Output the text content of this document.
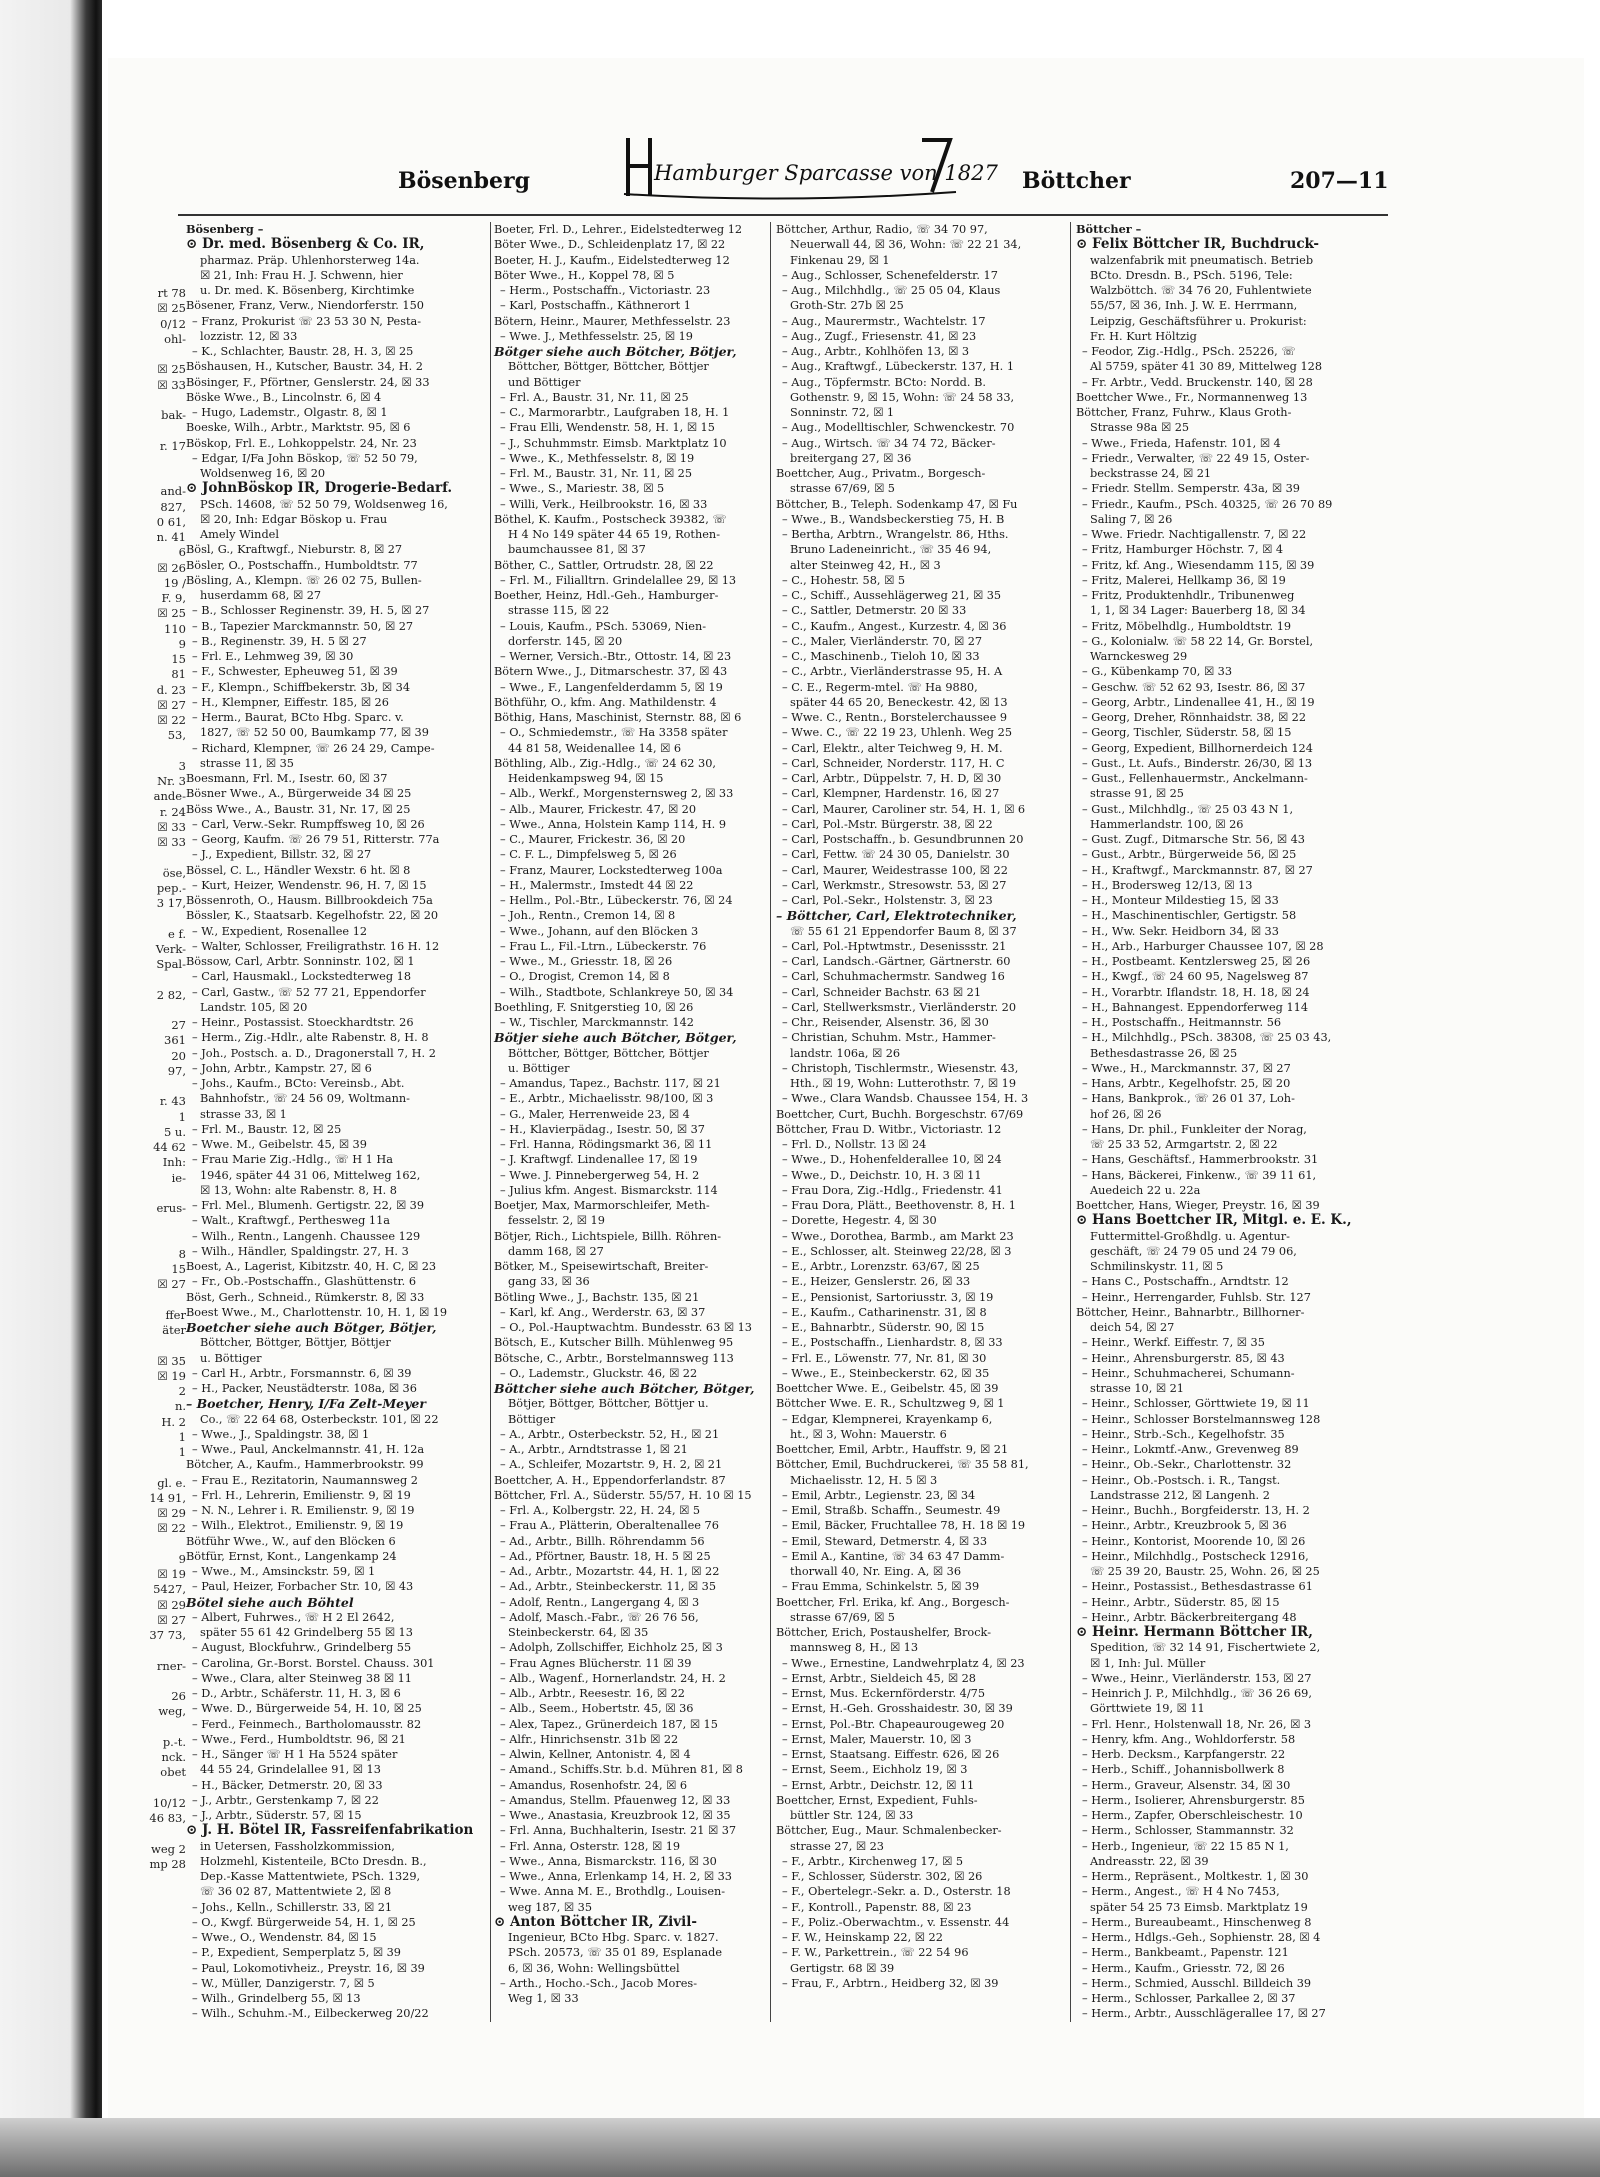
rt 78
☒ 25
0/12
ohl-

☒ 25
☒ 33

bak-

r. 17

and-
827,
0 61,
n. 41
6
☒ 26
19 /
F. 9,
☒ 25
110
9
15
81
d. 23
☒ 27
☒ 22
53,

3
Nr. 3
ande-
r. 24
☒ 33
☒ 33

öse,
pep.-
3 17,

e f.
Verk-
Spal-

2 82,

27
361
20
97,

r. 43
1
5 u.
44 62
Inh:
ie-

erus-

8
15
☒ 27

ffer
äter

☒ 35
☒ 19
2
n.
H. 2
1
1

gl. e.
14 91,
☒ 29
☒ 22

9
☒ 19
5427,
☒ 29
☒ 27
37 73,

rner-

26
weg,

p.-t.
nck.
obet

10/12
46 83,

weg 2
mp 28
Bösenberg	Hamburger Sparcasse von 1827 Böttcher	207—11
Bösenberg –
⊙ Dr. med. Bösenberg & Co. IR,
pharmaz. Präp. Uhlenhorsterweg 14a.
☒ 21, Inh: Frau H. J. Schwenn, hier
u. Dr. med. K. Bösenberg, Kirchtimke
Bösener, Franz, Verw., Niendorferstr. 150
– Franz, Prokurist ☏ 23 53 30 N, Pesta-
lozzistr. 12, ☒ 33
– K., Schlachter, Baustr. 28, H. 3, ☒ 25
Böshausen, H., Kutscher, Baustr. 34, H. 2
Bösinger, F., Pförtner, Genslerstr. 24, ☒ 33
Böske Wwe., B., Lincolnstr. 6, ☒ 4
– Hugo, Lademstr., Olgastr. 8, ☒ 1
Boeske, Wilh., Arbtr., Marktstr. 95, ☒ 6
Böskop, Frl. E., Lohkoppelstr. 24, Nr. 23
– Edgar, I/Fa John Böskop, ☏ 52 50 79,
Woldsenweg 16, ☒ 20
⊙ JohnBöskop IR, Drogerie-Bedarf.
PSch. 14608, ☏ 52 50 79, Woldsenweg 16,
☒ 20, Inh: Edgar Böskop u. Frau
Amely Windel
Bösl, G., Kraftwgf., Nieburstr. 8, ☒ 27
Bösler, O., Postschaffn., Humboldtstr. 77
Bösling, A., Klempn. ☏ 26 02 75, Bullen-
huserdamm 68, ☒ 27
– B., Schlosser Reginenstr. 39, H. 5, ☒ 27
– B., Tapezier Marckmannstr. 50, ☒ 27
– B., Reginenstr. 39, H. 5 ☒ 27
– Frl. E., Lehmweg 39, ☒ 30
– F., Schwester, Epheuweg 51, ☒ 39
– F., Klempn., Schiffbekerstr. 3b, ☒ 34
– H., Klempner, Eiffestr. 185, ☒ 26
– Herm., Baurat, BCto Hbg. Sparc. v.
1827, ☏ 52 50 00, Baumkamp 77, ☒ 39
– Richard, Klempner, ☏ 26 24 29, Campe-
strasse 11, ☒ 35
Boesmann, Frl. M., Isestr. 60, ☒ 37
Bösner Wwe., A., Bürgerweide 34 ☒ 25
Böss Wwe., A., Baustr. 31, Nr. 17, ☒ 25
– Carl, Verw.-Sekr. Rumpffsweg 10, ☒ 26
– Georg, Kaufm. ☏ 26 79 51, Ritterstr. 77a
– J., Expedient, Billstr. 32, ☒ 27
Bössel, C. L., Händler Wexstr. 6 ht. ☒ 8
– Kurt, Heizer, Wendenstr. 96, H. 7, ☒ 15
Bössenroth, O., Hausm. Billbrookdeich 75a
Bössler, K., Staatsarb. Kegelhofstr. 22, ☒ 20
– W., Expedient, Rosenallee 12
– Walter, Schlosser, Freiligrathstr. 16 H. 12
Bössow, Carl, Arbtr. Sonninstr. 102, ☒ 1
– Carl, Hausmakl., Lockstedterweg 18
– Carl, Gastw., ☏ 52 77 21, Eppendorfer
Landstr. 105, ☒ 20
– Heinr., Postassist. Stoeckhardtstr. 26
– Herm., Zig.-Hdlr., alte Rabenstr. 8, H. 8
– Joh., Postsch. a. D., Dragonerstall 7, H. 2
– John, Arbtr., Kampstr. 27, ☒ 6
– Johs., Kaufm., BCto: Vereinsb., Abt.
Bahnhofstr., ☏ 24 56 09, Woltmann-
strasse 33, ☒ 1
– Frl. M., Baustr. 12, ☒ 25
– Wwe. M., Geibelstr. 45, ☒ 39
– Frau Marie Zig.-Hdlg., ☏ H 1 Ha
1946, später 44 31 06, Mittelweg 162,
☒ 13, Wohn: alte Rabenstr. 8, H. 8
– Frl. Mel., Blumenh. Gertigstr. 22, ☒ 39
– Walt., Kraftwgf., Perthesweg 11a
– Wilh., Rentn., Langenh. Chaussee 129
– Wilh., Händler, Spaldingstr. 27, H. 3
Boest, A., Lagerist, Kibitzstr. 40, H. C, ☒ 23
– Fr., Ob.-Postschaffn., Glashüttenstr. 6
Böst, Gerh., Schneid., Rümkerstr. 8, ☒ 33
Boest Wwe., M., Charlottenstr. 10, H. 1, ☒ 19
Boetcher siehe auch Bötger, Bötjer,
Böttcher, Böttger, Böttjer, Böttjer
u. Böttiger
– Carl H., Arbtr., Forsmannstr. 6, ☒ 39
– H., Packer, Neustädterstr. 108a, ☒ 36
– Boetcher, Henry, I/Fa Zelt-Meyer
Co., ☏ 22 64 68, Osterbeckstr. 101, ☒ 22
– Wwe., J., Spaldingstr. 38, ☒ 1
– Wwe., Paul, Anckelmannstr. 41, H. 12a
Bötcher, A., Kaufm., Hammerbrookstr. 99
– Frau E., Rezitatorin, Naumannsweg 2
– Frl. H., Lehrerin, Emilienstr. 9, ☒ 19
– N. N., Lehrer i. R. Emilienstr. 9, ☒ 19
– Wilh., Elektrot., Emilienstr. 9, ☒ 19
Bötführ Wwe., W., auf den Blöcken 6
Bötfür, Ernst, Kont., Langenkamp 24
– Wwe., M., Amsinckstr. 59, ☒ 1
– Paul, Heizer, Forbacher Str. 10, ☒ 43
Bötel siehe auch Böhtel
– Albert, Fuhrwes., ☏ H 2 El 2642,
später 55 61 42 Grindelberg 55 ☒ 13
– August, Blockfuhrw., Grindelberg 55
– Carolina, Gr.-Borst. Borstel. Chauss. 301
– Wwe., Clara, alter Steinweg 38 ☒ 11
– D., Arbtr., Schäferstr. 11, H. 3, ☒ 6
– Wwe. D., Bürgerweide 54, H. 10, ☒ 25
– Ferd., Feinmech., Bartholomausstr. 82
– Wwe., Ferd., Humboldtstr. 96, ☒ 21
– H., Sänger ☏ H 1 Ha 5524 später
44 55 24, Grindelallee 91, ☒ 13
– H., Bäcker, Detmerstr. 20, ☒ 33
– J., Arbtr., Gerstenkamp 7, ☒ 22
– J., Arbtr., Süderstr. 57, ☒ 15
⊙ J. H. Bötel IR, Fassreifenfabrikation
in Uetersen, Fassholzkommission,
Holzmehl, Kistenteile, BCto Dresdn. B.,
Dep.-Kasse Mattentwiete, PSch. 1329,
☏ 36 02 87, Mattentwiete 2, ☒ 8
– Johs., Kelln., Schillerstr. 33, ☒ 21
– O., Kwgf. Bürgerweide 54, H. 1, ☒ 25
– Wwe., O., Wendenstr. 84, ☒ 15
– P., Expedient, Semperplatz 5, ☒ 39
– Paul, Lokomotivheiz., Preystr. 16, ☒ 39
– W., Müller, Danzigerstr. 7, ☒ 5
– Wilh., Grindelberg 55, ☒ 13
– Wilh., Schuhm.-M., Eilbeckerweg 20/22
Boeter, Frl. D., Lehrer., Eidelstedterweg 12
Böter Wwe., D., Schleidenplatz 17, ☒ 22
Boeter, H. J., Kaufm., Eidelstedterweg 12
Böter Wwe., H., Koppel 78, ☒ 5
– Herm., Postschaffn., Victoriastr. 23
– Karl, Postschaffn., Käthnerort 1
Bötern, Heinr., Maurer, Methfesselstr. 23
– Wwe. J., Methfesselstr. 25, ☒ 19
Bötger siehe auch Bötcher, Bötjer,
Böttcher, Böttger, Böttcher, Böttjer
und Böttiger
– Frl. A., Baustr. 31, Nr. 11, ☒ 25
– C., Marmorarbtr., Laufgraben 18, H. 1
– Frau Elli, Wendenstr. 58, H. 1, ☒ 15
– J., Schuhmmstr. Eimsb. Marktplatz 10
– Wwe., K., Methfesselstr. 8, ☒ 19
– Frl. M., Baustr. 31, Nr. 11, ☒ 25
– Wwe., S., Mariestr. 38, ☒ 5
– Willi, Verk., Heilbrookstr. 16, ☒ 33
Böthel, K. Kaufm., Postscheck 39382, ☏
H 4 No 149 später 44 65 19, Rothen-
baumchaussee 81, ☒ 37
Böther, C., Sattler, Ortrudstr. 28, ☒ 22
– Frl. M., Filialltrn. Grindelallee 29, ☒ 13
Boether, Heinz, Hdl.-Geh., Hamburger-
strasse 115, ☒ 22
– Louis, Kaufm., PSch. 53069, Nien-
dorferstr. 145, ☒ 20
– Werner, Versich.-Btr., Ottostr. 14, ☒ 23
Bötern Wwe., J., Ditmarschestr. 37, ☒ 43
– Wwe., F., Langenfelderdamm 5, ☒ 19
Böthführ, O., kfm. Ang. Mathildenstr. 4
Böthig, Hans, Maschinist, Sternstr. 88, ☒ 6
– O., Schmiedemstr., ☏ Ha 3358 später
44 81 58, Weidenallee 14, ☒ 6
Böthling, Alb., Zig.-Hdlg., ☏ 24 62 30,
Heidenkampsweg 94, ☒ 15
– Alb., Werkf., Morgensternsweg 2, ☒ 33
– Alb., Maurer, Frickestr. 47, ☒ 20
– Wwe., Anna, Holstein Kamp 114, H. 9
– C., Maurer, Frickestr. 36, ☒ 20
– C. F. L., Dimpfelsweg 5, ☒ 26
– Franz, Maurer, Lockstedterweg 100a
– H., Malermstr., Imstedt 44 ☒ 22
– Hellm., Pol.-Btr., Lübeckerstr. 76, ☒ 24
– Joh., Rentn., Cremon 14, ☒ 8
– Wwe., Johann, auf den Blöcken 3
– Frau L., Fil.-Ltrn., Lübeckerstr. 76
– Wwe., M., Griesstr. 18, ☒ 26
– O., Drogist, Cremon 14, ☒ 8
– Wilh., Stadtbote, Schlankreye 50, ☒ 34
Boethling, F. Snitgerstieg 10, ☒ 26
– W., Tischler, Marckmannstr. 142
Bötjer siehe auch Bötcher, Bötger,
Böttcher, Böttger, Böttcher, Böttjer
u. Böttiger
– Amandus, Tapez., Bachstr. 117, ☒ 21
– E., Arbtr., Michaelisstr. 98/100, ☒ 3
– G., Maler, Herrenweide 23, ☒ 4
– H., Klavierpädag., Isestr. 50, ☒ 37
– Frl. Hanna, Rödingsmarkt 36, ☒ 11
– J. Kraftwgf. Lindenallee 17, ☒ 19
– Wwe. J. Pinnebergerweg 54, H. 2
– Julius kfm. Angest. Bismarckstr. 114
Boetjer, Max, Marmorschleifer, Meth-
fesselstr. 2, ☒ 19
Bötjer, Rich., Lichtspiele, Billh. Röhren-
damm 168, ☒ 27
Bötker, M., Speisewirtschaft, Breiter-
gang 33, ☒ 36
Bötling Wwe., J., Bachstr. 135, ☒ 21
– Karl, kf. Ang., Werderstr. 63, ☒ 37
– O., Pol.-Hauptwachtm. Bundesstr. 63 ☒ 13
Bötsch, E., Kutscher Billh. Mühlenweg 95
Bötsche, C., Arbtr., Borstelmannsweg 113
– O., Lademstr., Gluckstr. 46, ☒ 22
Böttcher siehe auch Bötcher, Bötger,
Bötjer, Böttger, Böttcher, Böttjer u.
Böttiger
– A., Arbtr., Osterbeckstr. 52, H., ☒ 21
– A., Arbtr., Arndtstrasse 1, ☒ 21
– A., Schleifer, Mozartstr. 9, H. 2, ☒ 21
Boettcher, A. H., Eppendorferlandstr. 87
Böttcher, Frl. A., Süderstr. 55/57, H. 10 ☒ 15
– Frl. A., Kolbergstr. 22, H. 24, ☒ 5
– Frau A., Plätterin, Oberaltenallee 76
– Ad., Arbtr., Billh. Röhrendamm 56
– Ad., Pförtner, Baustr. 18, H. 5 ☒ 25
– Ad., Arbtr., Mozartstr. 44, H. 1, ☒ 22
– Ad., Arbtr., Steinbeckerstr. 11, ☒ 35
– Adolf, Rentn., Langergang 4, ☒ 3
– Adolf, Masch.-Fabr., ☏ 26 76 56,
Steinbeckerstr. 64, ☒ 35
– Adolph, Zollschiffer, Eichholz 25, ☒ 3
– Frau Agnes Blücherstr. 11 ☒ 39
– Alb., Wagenf., Hornerlandstr. 24, H. 2
– Alb., Arbtr., Reesestr. 16, ☒ 22
– Alb., Seem., Hobertstr. 45, ☒ 36
– Alex, Tapez., Grünerdeich 187, ☒ 15
– Alfr., Hinrichsenstr. 31b ☒ 22
– Alwin, Kellner, Antonistr. 4, ☒ 4
– Amand., Schiffs.Str. b.d. Mühren 81, ☒ 8
– Amandus, Rosenhofstr. 24, ☒ 6
– Amandus, Stellm. Pfauenweg 12, ☒ 33
– Wwe., Anastasia, Kreuzbrook 12, ☒ 35
– Frl. Anna, Buchhalterin, Isestr. 21 ☒ 37
– Frl. Anna, Osterstr. 128, ☒ 19
– Wwe., Anna, Bismarckstr. 116, ☒ 30
– Wwe., Anna, Erlenkamp 14, H. 2, ☒ 33
– Wwe. Anna M. E., Brothdlg., Louisen-
weg 187, ☒ 35
⊙ Anton Böttcher IR, Zivil-
Ingenieur, BCto Hbg. Sparc. v. 1827.
PSch. 20573, ☏ 35 01 89, Esplanade
6, ☒ 36, Wohn: Wellingsbüttel
– Arth., Hocho.-Sch., Jacob Mores-
Weg 1, ☒ 33
Böttcher, Arthur, Radio, ☏ 34 70 97,
Neuerwall 44, ☒ 36, Wohn: ☏ 22 21 34,
Finkenau 29, ☒ 1
– Aug., Schlosser, Schenefelderstr. 17
– Aug., Milchhdlg., ☏ 25 05 04, Klaus
Groth-Str. 27b ☒ 25
– Aug., Maurermstr., Wachtelstr. 17
– Aug., Zugf., Friesenstr. 41, ☒ 23
– Aug., Arbtr., Kohlhöfen 13, ☒ 3
– Aug., Kraftwgf., Lübeckerstr. 137, H. 1
– Aug., Töpfermstr. BCto: Nordd. B.
Gothenstr. 9, ☒ 15, Wohn: ☏ 24 58 33,
Sonninstr. 72, ☒ 1
– Aug., Modelltischler, Schwenckestr. 70
– Aug., Wirtsch. ☏ 34 74 72, Bäcker-
breitergang 27, ☒ 36
Boettcher, Aug., Privatm., Borgesch-
strasse 67/69, ☒ 5
Böttcher, B., Teleph. Sodenkamp 47, ☒ Fu
– Wwe., B., Wandsbeckerstieg 75, H. B
– Bertha, Arbtrn., Wrangelstr. 86, Hths.
Bruno Ladeneinricht., ☏ 35 46 94,
alter Steinweg 42, H., ☒ 3
– C., Hohestr. 58, ☒ 5
– C., Schiff., Aussehlägerweg 21, ☒ 35
– C., Sattler, Detmerstr. 20 ☒ 33
– C., Kaufm., Angest., Kurzestr. 4, ☒ 36
– C., Maler, Vierländerstr. 70, ☒ 27
– C., Maschinenb., Tieloh 10, ☒ 33
– C., Arbtr., Vierländerstrasse 95, H. A
– C. E., Regerm-mtel. ☏ Ha 9880,
später 44 65 20, Beneckestr. 42, ☒ 13
– Wwe. C., Rentn., Borstelerchaussee 9
– Wwe. C., ☏ 22 19 23, Uhlenh. Weg 25
– Carl, Elektr., alter Teichweg 9, H. M.
– Carl, Schneider, Norderstr. 117, H. C
– Carl, Arbtr., Düppelstr. 7, H. D, ☒ 30
– Carl, Klempner, Hardenstr. 16, ☒ 27
– Carl, Maurer, Caroliner str. 54, H. 1, ☒ 6
– Carl, Pol.-Mstr. Bürgerstr. 38, ☒ 22
– Carl, Postschaffn., b. Gesundbrunnen 20
– Carl, Fettw. ☏ 24 30 05, Danielstr. 30
– Carl, Maurer, Weidestrasse 100, ☒ 22
– Carl, Werkmstr., Stresowstr. 53, ☒ 27
– Carl, Pol.-Sekr., Holstenstr. 3, ☒ 23
– Böttcher, Carl, Elektrotechniker,
☏ 55 61 21 Eppendorfer Baum 8, ☒ 37
– Carl, Pol.-Hptwtmstr., Desenissstr. 21
– Carl, Landsch.-Gärtner, Gärtnerstr. 60
– Carl, Schuhmachermstr. Sandweg 16
– Carl, Schneider Bachstr. 63 ☒ 21
– Carl, Stellwerksmstr., Vierländerstr. 20
– Chr., Reisender, Alsenstr. 36, ☒ 30
– Christian, Schuhm. Mstr., Hammer-
landstr. 106a, ☒ 26
– Christoph, Tischlermstr., Wiesenstr. 43,
Hth., ☒ 19, Wohn: Lutterothstr. 7, ☒ 19
– Wwe., Clara Wandsb. Chaussee 154, H. 3
Boettcher, Curt, Buchh. Borgeschstr. 67/69
Böttcher, Frau D. Witbr., Victoriastr. 12
– Frl. D., Nollstr. 13 ☒ 24
– Wwe., D., Hohenfelderallee 10, ☒ 24
– Wwe., D., Deichstr. 10, H. 3 ☒ 11
– Frau Dora, Zig.-Hdlg., Friedenstr. 41
– Frau Dora, Plätt., Beethovenstr. 8, H. 1
– Dorette, Hegestr. 4, ☒ 30
– Wwe., Dorothea, Barmb., am Markt 23
– E., Schlosser, alt. Steinweg 22/28, ☒ 3
– E., Arbtr., Lorenzstr. 63/67, ☒ 25
– E., Heizer, Genslerstr. 26, ☒ 33
– E., Pensionist, Sartoriusstr. 3, ☒ 19
– E., Kaufm., Catharinenstr. 31, ☒ 8
– E., Bahnarbtr., Süderstr. 90, ☒ 15
– E., Postschaffn., Lienhardstr. 8, ☒ 33
– Frl. E., Löwenstr. 77, Nr. 81, ☒ 30
– Wwe., E., Steinbeckerstr. 62, ☒ 35
Boettcher Wwe. E., Geibelstr. 45, ☒ 39
Böttcher Wwe. E. R., Schultzweg 9, ☒ 1
– Edgar, Klempnerei, Krayenkamp 6,
ht., ☒ 3, Wohn: Mauerstr. 6
Boettcher, Emil, Arbtr., Hauffstr. 9, ☒ 21
Böttcher, Emil, Buchdruckerei, ☏ 35 58 81,
Michaelisstr. 12, H. 5 ☒ 3
– Emil, Arbtr., Legienstr. 23, ☒ 34
– Emil, Straßb. Schaffn., Seumestr. 49
– Emil, Bäcker, Fruchtallee 78, H. 18 ☒ 19
– Emil, Steward, Detmerstr. 4, ☒ 33
– Emil A., Kantine, ☏ 34 63 47 Damm-
thorwall 40, Nr. Eing. A, ☒ 36
– Frau Emma, Schinkelstr. 5, ☒ 39
Boettcher, Frl. Erika, kf. Ang., Borgesch-
strasse 67/69, ☒ 5
Böttcher, Erich, Postaushelfer, Brock-
mannsweg 8, H., ☒ 13
– Wwe., Ernestine, Landwehrplatz 4, ☒ 23
– Ernst, Arbtr., Sieldeich 45, ☒ 28
– Ernst, Mus. Eckernförderstr. 4/75
– Ernst, H.-Geh. Grosshaidestr. 30, ☒ 39
– Ernst, Pol.-Btr. Chapeaurougeweg 20
– Ernst, Maler, Mauerstr. 10, ☒ 3
– Ernst, Staatsang. Eiffestr. 626, ☒ 26
– Ernst, Seem., Eichholz 19, ☒ 3
– Ernst, Arbtr., Deichstr. 12, ☒ 11
Boettcher, Ernst, Expedient, Fuhls-
büttler Str. 124, ☒ 33
Böttcher, Eug., Maur. Schmalenbecker-
strasse 27, ☒ 23
– F., Arbtr., Kirchenweg 17, ☒ 5
– F., Schlosser, Süderstr. 302, ☒ 26
– F., Obertelegr.-Sekr. a. D., Osterstr. 18
– F., Kontroll., Papenstr. 88, ☒ 23
– F., Poliz.-Oberwachtm., v. Essenstr. 44
– F. W., Heinskamp 22, ☒ 22
– F. W., Parkettrein., ☏ 22 54 96
Gertigstr. 68 ☒ 39
– Frau, F., Arbtrn., Heidberg 32, ☒ 39
Böttcher –
⊙ Felix Böttcher IR, Buchdruck-
walzenfabrik mit pneumatisch. Betrieb
BCto. Dresdn. B., PSch. 5196, Tele:
Walzböttch. ☏ 34 76 20, Fuhlentwiete
55/57, ☒ 36, Inh. J. W. E. Herrmann,
Leipzig, Geschäftsführer u. Prokurist:
Fr. H. Kurt Höltzig
– Feodor, Zig.-Hdlg., PSch. 25226, ☏
Al 5759, später 41 30 89, Mittelweg 128
– Fr. Arbtr., Vedd. Bruckenstr. 140, ☒ 28
Boettcher Wwe., Fr., Normannenweg 13
Böttcher, Franz, Fuhrw., Klaus Groth-
Strasse 98a ☒ 25
– Wwe., Frieda, Hafenstr. 101, ☒ 4
– Friedr., Verwalter, ☏ 22 49 15, Oster-
beckstrasse 24, ☒ 21
– Friedr. Stellm. Semperstr. 43a, ☒ 39
– Friedr., Kaufm., PSch. 40325, ☏ 26 70 89
Saling 7, ☒ 26
– Wwe. Friedr. Nachtigallenstr. 7, ☒ 22
– Fritz, Hamburger Höchstr. 7, ☒ 4
– Fritz, kf. Ang., Wiesendamm 115, ☒ 39
– Fritz, Malerei, Hellkamp 36, ☒ 19
– Fritz, Produktenhdlr., Tribunenweg
1, 1, ☒ 34 Lager: Bauerberg 18, ☒ 34
– Fritz, Möbelhdlg., Humboldtstr. 19
– G., Kolonialw. ☏ 58 22 14, Gr. Borstel,
Warnckesweg 29
– G., Kübenkamp 70, ☒ 33
– Geschw. ☏ 52 62 93, Isestr. 86, ☒ 37
– Georg, Arbtr., Lindenallee 41, H., ☒ 19
– Georg, Dreher, Rönnhaidstr. 38, ☒ 22
– Georg, Tischler, Süderstr. 58, ☒ 15
– Georg, Expedient, Billhornerdeich 124
– Gust., Lt. Aufs., Binderstr. 26/30, ☒ 13
– Gust., Fellenhauermstr., Anckelmann-
strasse 91, ☒ 25
– Gust., Milchhdlg., ☏ 25 03 43 N 1,
Hammerlandstr. 100, ☒ 26
– Gust. Zugf., Ditmarsche Str. 56, ☒ 43
– Gust., Arbtr., Bürgerweide 56, ☒ 25
– H., Kraftwgf., Marckmannstr. 87, ☒ 27
– H., Brodersweg 12/13, ☒ 13
– H., Monteur Mildestieg 15, ☒ 33
– H., Maschinentischler, Gertigstr. 58
– H., Ww. Sekr. Heidborn 34, ☒ 33
– H., Arb., Harburger Chaussee 107, ☒ 28
– H., Postbeamt. Kentzlersweg 25, ☒ 26
– H., Kwgf., ☏ 24 60 95, Nagelsweg 87
– H., Vorarbtr. Iflandstr. 18, H. 18, ☒ 24
– H., Bahnangest. Eppendorferweg 114
– H., Postschaffn., Heitmannstr. 56
– H., Milchhdlg., PSch. 38308, ☏ 25 03 43,
Bethesdastrasse 26, ☒ 25
– Wwe., H., Marckmannstr. 37, ☒ 27
– Hans, Arbtr., Kegelhofstr. 25, ☒ 20
– Hans, Bankprok., ☏ 26 01 37, Loh-
hof 26, ☒ 26
– Hans, Dr. phil., Funkleiter der Norag,
☏ 25 33 52, Armgartstr. 2, ☒ 22
– Hans, Geschäftsf., Hammerbrookstr. 31
– Hans, Bäckerei, Finkenw., ☏ 39 11 61,
Auedeich 22 u. 22a
Boettcher, Hans, Wieger, Preystr. 16, ☒ 39
⊙ Hans Boettcher IR, Mitgl. e. E. K.,
Futtermittel-Großhdlg. u. Agentur-
geschäft, ☏ 24 79 05 und 24 79 06,
Schmilinskystr. 11, ☒ 5
– Hans C., Postschaffn., Arndtstr. 12
– Heinr., Herrengarder, Fuhlsb. Str. 127
Böttcher, Heinr., Bahnarbtr., Billhorner-
deich 54, ☒ 27
– Heinr., Werkf. Eiffestr. 7, ☒ 35
– Heinr., Ahrensburgerstr. 85, ☒ 43
– Heinr., Schuhmacherei, Schumann-
strasse 10, ☒ 21
– Heinr., Schlosser, Görttwiete 19, ☒ 11
– Heinr., Schlosser Borstelmannsweg 128
– Heinr., Strb.-Sch., Kegelhofstr. 35
– Heinr., Lokmtf.-Anw., Grevenweg 89
– Heinr., Ob.-Sekr., Charlottenstr. 32
– Heinr., Ob.-Postsch. i. R., Tangst.
Landstrasse 212, ☒ Langenh. 2
– Heinr., Buchh., Borgfeiderstr. 13, H. 2
– Heinr., Arbtr., Kreuzbrook 5, ☒ 36
– Heinr., Kontorist, Moorende 10, ☒ 26
– Heinr., Milchhdlg., Postscheck 12916,
☏ 25 39 20, Baustr. 25, Wohn. 26, ☒ 25
– Heinr., Postassist., Bethesdastrasse 61
– Heinr., Arbtr., Süderstr. 85, ☒ 15
– Heinr., Arbtr. Bäckerbreitergang 48
⊙ Heinr. Hermann Böttcher IR,
Spedition, ☏ 32 14 91, Fischertwiete 2,
☒ 1, Inh: Jul. Müller
– Wwe., Heinr., Vierländerstr. 153, ☒ 27
– Heinrich J. P., Milchhdlg., ☏ 36 26 69,
Görttwiete 19, ☒ 11
– Frl. Henr., Holstenwall 18, Nr. 26, ☒ 3
– Henry, kfm. Ang., Wohldorferstr. 58
– Herb. Decksm., Karpfangerstr. 22
– Herb., Schiff., Johannisbollwerk 8
– Herm., Graveur, Alsenstr. 34, ☒ 30
– Herm., Isolierer, Ahrensburgerstr. 85
– Herm., Zapfer, Oberschleischestr. 10
– Herm., Schlosser, Stammannstr. 32
– Herb., Ingenieur, ☏ 22 15 85 N 1,
Andreasstr. 22, ☒ 39
– Herm., Repräsent., Moltkestr. 1, ☒ 30
– Herm., Angest., ☏ H 4 No 7453,
später 54 25 73 Eimsb. Marktplatz 19
– Herm., Bureaubeamt., Hinschenweg 8
– Herm., Hdlgs.-Geh., Sophienstr. 28, ☒ 4
– Herm., Bankbeamt., Papenstr. 121
– Herm., Kaufm., Griesstr. 72, ☒ 26
– Herm., Schmied, Ausschl. Billdeich 39
– Herm., Schlosser, Parkallee 2, ☒ 37
– Herm., Arbtr., Ausschlägerallee 17, ☒ 27
